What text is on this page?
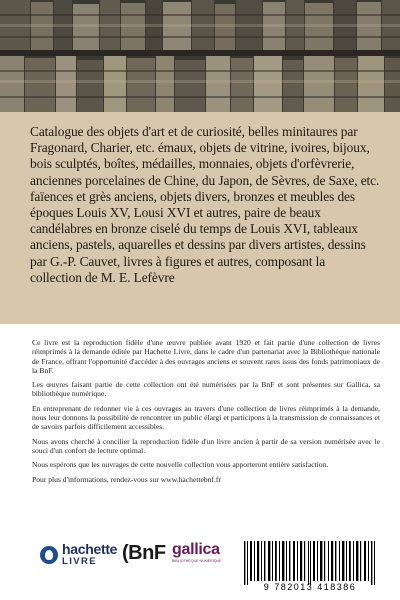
Catalogue des objets d'art et de curiosité, belles minitaures par Fragonard, Charier, etc. émaux, objets de vitrine, ivoires, bijoux, bois sculptés, boîtes, médailles, monnaies, objets d'orfèvrerie, anciennes porcelaines de Chine, du Japon, de Sèvres, de Saxe, etc. faïences et grès anciens, objets divers, bronzes et meubles des époques Louis XV, Lousi XVI et autres, paire de beaux candélabres en bronze ciselé du temps de Louis XVI, tableaux anciens, pastels, aquarelles et dessins par divers artistes, dessins par G.-P. Cauvet, livres à figures et autres, composant la collection de M. E. Lefèvre

Ce livre est la reproduction fidèle d'une œuvre publiée avant 1920 et fait partie d'une collection de livres réimprimés à la demande éditée par Hachette Livre, dans le cadre d'un partenariat avec la Bibliothèque nationale de France, offrant l'opportunité d'accéder à des ouvrages anciens et souvent rares issus des fonds patrimoniaux de la BnF.

Les œuvres faisant partie de cette collection ont été numérisées par la BnF et sont présentes sur Gallica, sa bibliothèque numérique.

En entreprenant de redonner vie à ces ouvrages au travers d'une collection de livres réimprimés à la demande, nous leur donnons la possibilité de rencontrer un public élargi et participons à la transmission de connaissances et de savoirs parfois difficilement accessibles.

Nous avons cherché à concilier la reproduction fidèle d'un livre ancien à partir de sa version numérisée avec le souci d'un confort de lecture optimal.

Nous espérons que les ouvrages de cette nouvelle collection vous apporteront entière satisfaction.

Pour plus d'informations, rendez-vous sur www.hachettebnf.fr

hachette
LIVRE	(BnF gallica
BIBLIOTHÈQUE NUMÉRIQUE
9 782013 418386
